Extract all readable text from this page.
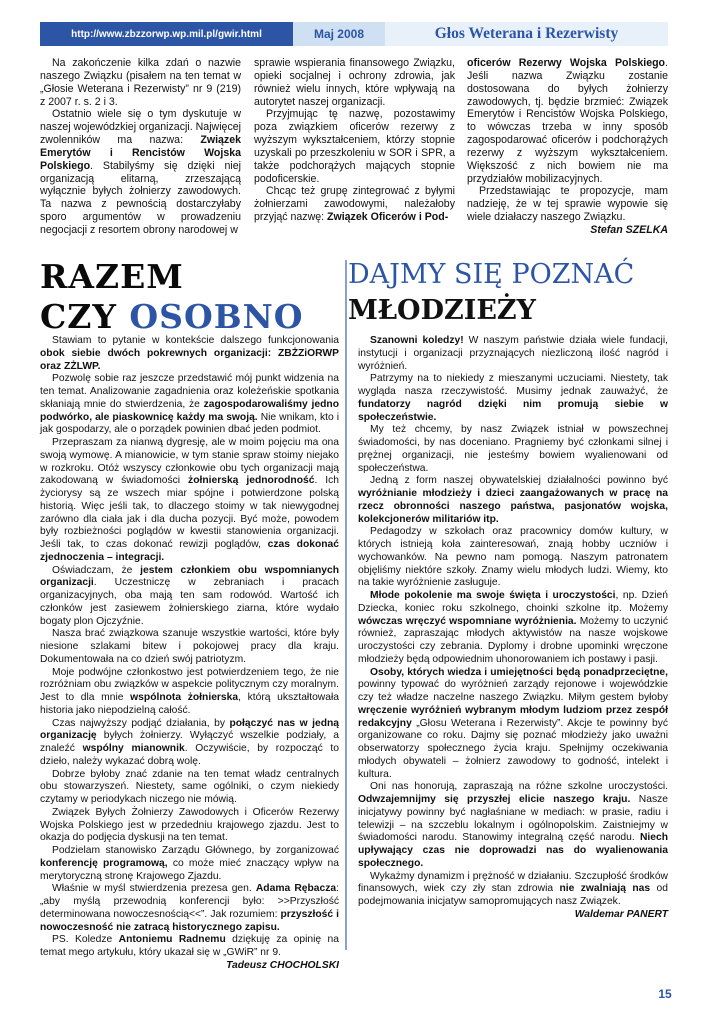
http://www.zbzzorwp.wp.mil.pl/gwir.html	Maj 2008	Głos Weterana i Rezerwisty

Na zakończenie kilka zdań o nazwie naszego Związku (pisałem na ten temat w „Głosie Weterana i Rezerwisty” nr 9 (219) z 2007 r. s. 2 i 3.

Ostatnio wiele się o tym dyskutuje w naszej wojewódzkiej organizacji. Najwięcej zwolenników ma nazwa: Związek Emerytów i Rencistów Wojska Polskiego. Stabilyśmy się dzięki niej organizacją elitarną, zrzeszającą wyłącznie byłych żołnierzy zawodowych. Ta nazwa z pewnością dostarczyłaby sporo argumentów w prowadzeniu negocjacji z resortem obrony narodowej w

sprawie wspierania finansowego Związku, opieki socjalnej i ochrony zdrowia, jak również wielu innych, które wpływają na autorytet naszej organizacji.

Przyjmując tę nazwę, pozostawimy poza związkiem oficerów rezerwy z wyższym wykształceniem, którzy stopnie uzyskali po przeszkoleniu w SOR i SPR, a także podchorążych mających stopnie podoficerskie.

Chcąc też grupę zintegrować z byłymi żołnierzami zawodowymi, należałoby przyjąć nazwę: Związek Oficerów i Pod-

oficerów Rezerwy Wojska Polskiego. Jeśli nazwa Związku zostanie dostosowana do byłych żołnierzy zawodowych, tj. będzie brzmieć: Związek Emerytów i Rencistów Wojska Polskiego, to wówczas trzeba w inny sposób zagospodarować oficerów i podchorążych rezerwy z wyższym wykształceniem. Większość z nich bowiem nie ma przydziałów mobilizacyjnych.

Przedstawiając te propozycje, mam nadzieję, że w tej sprawie wypowie się wiele działaczy naszego Związku.

Stefan SZELKA
RAZEM
CZY OSOBNO
DAJMY SIĘ POZNAĆ
MŁODZIEŻY

Stawiam to pytanie w kontekście dalszego funkcjonowania obok siebie dwóch pokrewnych organizacji: ZBŻZiORWP oraz ZŻLWP.

Pozwolę sobie raz jeszcze przedstawić mój punkt widzenia na ten temat. Analizowanie zagadnienia oraz koleżeńskie spotkania skłaniają mnie do stwierdzenia, że zagospodarowaliśmy jedno podwórko, ale piaskownicę każdy ma swoją. Nie wnikam, kto i jak gospodarzy, ale o porządek powinien dbać jeden podmiot.

Przepraszam za nianwą dygresję, ale w moim pojęciu ma ona swoją wymowę. A mianowicie, w tym stanie spraw stoimy niejako w rozkroku. Otóż wszyscy członkowie obu tych organizacji mają zakodowaną w świadomości żołnierską jednorodność. Ich życiorysy są ze wszech miar spójne i potwierdzone polską historią. Więc jeśli tak, to dlaczego stoimy w tak niewygodnej zarówno dla ciała jak i dla ducha pozycji. Być może, powodem były rozbieżności poglądów w kwestii stanowienia organizacji. Jeśli tak, to czas dokonać rewizji poglądów, czas dokonać zjednoczenia – integracji.

Oświadczam, że jestem członkiem obu wspomnianych organizacji. Uczestniczę w zebraniach i pracach organizacyjnych, oba mają ten sam rodowód. Wartość ich członków jest zasiewem żołnierskiego ziarna, które wydało bogaty plon Ojczyźnie.

Nasza brać związkowa szanuje wszystkie wartości, które były niesione szlakami bitew i pokojowej pracy dla kraju. Dokumentowała na co dzień swój patriotyzm.

Moje podwójne członkostwo jest potwierdzeniem tego, że nie rozróżniam obu związków w aspekcie politycznym czy moralnym. Jest to dla mnie wspólnota żołnierska, którą ukształtowała historia jako niepodzielną całość.

Czas najwyższy podjąć działania, by połączyć nas w jedną organizację byłych żołnierzy. Wyłączyć wszelkie podziały, a znaleźć wspólny mianownik. Oczywiście, by rozpocząć to dzieło, należy wykazać dobrą wolę.

Dobrze byłoby znać zdanie na ten temat władz centralnych obu stowarzyszeń. Niestety, same ogólniki, o czym niekiedy czytamy w periodykach niczego nie mówią.

Związek Byłych Żołnierzy Zawodowych i Oficerów Rezerwy Wojska Polskiego jest w przededniu krajowego zjazdu. Jest to okazja do podjęcia dyskusji na ten temat.

Podzielam stanowisko Zarządu Głównego, by zorganizować konferencję programową, co może mieć znaczący wpływ na merytoryczną stronę Krajowego Zjazdu.

Właśnie w myśl stwierdzenia prezesa gen. Adama Rębacza: „aby myślą przewodnią konferencji było: >>Przyszłość determinowana nowoczesnością<<”. Jak rozumiem: przyszłość i nowoczesność nie zatracą historycznego zapisu.

PS. Koledze Antoniemu Radnemu dziękuję za opinię na temat mego artykułu, który ukazał się w „GWiR” nr 9.

Tadeusz CHOCHOLSKI

Szanowni koledzy! W naszym państwie działa wiele fundacji, instytucji i organizacji przyznających niezliczoną ilość nagród i wyróżnień.

Patrzymy na to niekiedy z mieszanymi uczuciami. Niestety, tak wygląda nasza rzeczywistość. Musimy jednak zauważyć, że fundatorzy nagród dzięki nim promują siebie w społeczeństwie.

My też chcemy, by nasz Związek istniał w powszechnej świadomości, by nas doceniano. Pragniemy być członkami silnej i prężnej organizacji, nie jesteśmy bowiem wyalienowani od społeczeństwa.

Jedną z form naszej obywatelskiej działalności powinno być wyróżnianie młodzieży i dzieci zaangażowanych w pracę na rzecz obronności naszego państwa, pasjonatów wojska, kolekcjonerów militariów itp.

Pedagodzy w szkołach oraz pracownicy domów kultury, w których istnieją koła zainteresowań, znają hobby uczniów i wychowanków. Na pewno nam pomogą. Naszym patronatem objęliśmy niektóre szkoły. Znamy wielu młodych ludzi. Wiemy, kto na takie wyróżnienie zasługuje.

Młode pokolenie ma swoje święta i uroczystości, np. Dzień Dziecka, koniec roku szkolnego, choinki szkolne itp. Możemy wówczas wręczyć wspomniane wyróżnienia. Możemy to uczynić również, zapraszając młodych aktywistów na nasze wojskowe uroczystości czy zebrania. Dyplomy i drobne upominki wręczone młodzieży będą odpowiednim uhonorowaniem ich postawy i pasji.

Osoby, których wiedza i umiejętności będą ponadprzeciętne, powinny typować do wyróżnień zarządy rejonowe i wojewódzkie czy też władze naczelne naszego Związku. Miłym gestem byłoby wręczenie wyróżnień wybranym młodym ludziom przez zespół redakcyjny „Głosu Weterana i Rezerwisty”. Akcje te powinny być organizowane co roku. Dajmy się poznać młodzieży jako uważni obserwatorzy społecznego życia kraju. Spełnijmy oczekiwania młodych obywateli – żołnierz zawodowy to godność, intelekt i kultura.

Oni nas honorują, zapraszają na różne szkolne uroczystości. Odwzajemnijmy się przyszłej elicie naszego kraju. Nasze inicjatywy powinny być nagłaśniane w mediach: w prasie, radiu i telewizji – na szczeblu lokalnym i ogólnopolskim. Zaistniejmy w świadomości narodu. Stanowimy integralną część narodu. Niech upływający czas nie doprowadzi nas do wyalienowania społecznego.

Wykażmy dynamizm i prężność w działaniu. Szczupłość środków finansowych, wiek czy zły stan zdrowia nie zwalniają nas od podejmowania inicjatyw samopromujących nasz Związek.

Waldemar PANERT
15
